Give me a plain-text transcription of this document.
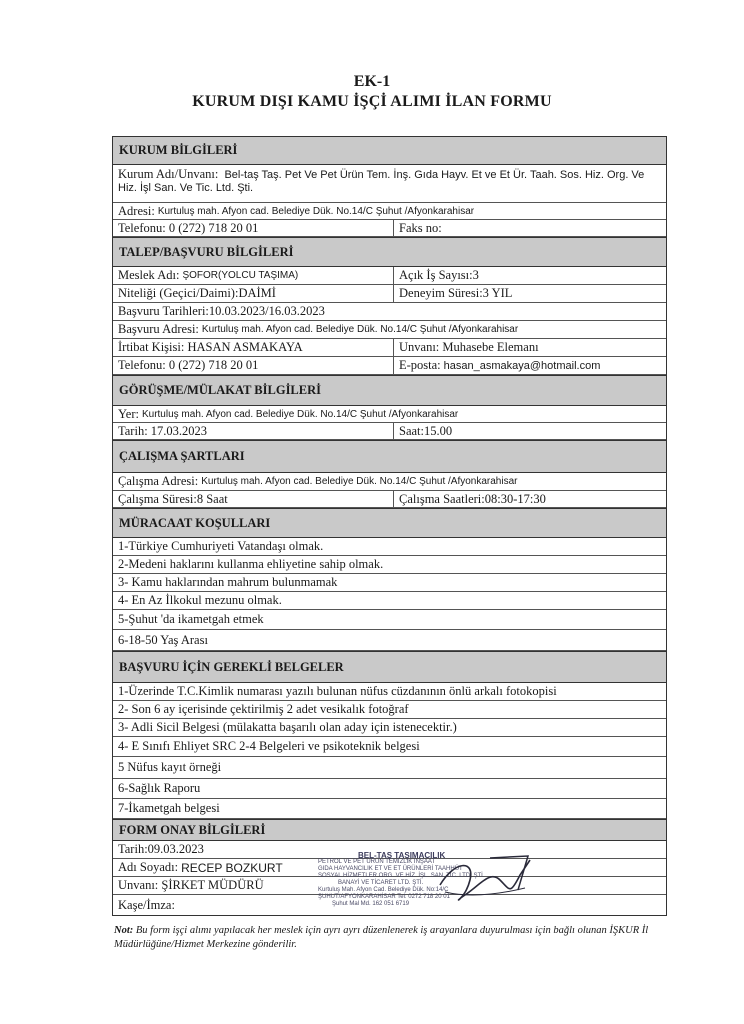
EK-1
KURUM DIŞI KAMU İŞÇİ ALIMI İLAN FORMU
KURUM BİLGİLERİ
Kurum Adı/Unvanı: Bel-taş Taş. Pet Ve Pet Ürün Tem. İnş. Gıda Hayv. Et ve Et Ür. Taah. Sos. Hiz. Org. Ve Hiz. İşl San. Ve Tic. Ltd. Şti.
Adresi: Kurtuluş mah. Afyon cad. Belediye Dük. No.14/C Şuhut /Afyonkarahisar
Telefonu: 0 (272) 718 20 01	Faks no:
TALEP/BAŞVURU BİLGİLERİ
Meslek Adı: ŞOFOR(YOLCU TAŞIMA)	Açık İş Sayısı:3
Niteliği (Geçici/Daimi):DAİMİ	Deneyim Süresi:3 YIL
Başvuru Tarihleri:10.03.2023/16.03.2023
Başvuru Adresi: Kurtuluş mah. Afyon cad. Belediye Dük. No.14/C Şuhut /Afyonkarahisar
İrtibat Kişisi: HASAN ASMAKAYA	Unvanı: Muhasebe Elemanı
Telefonu: 0 (272) 718 20 01	E-posta: hasan_asmakaya@hotmail.com
GÖRÜŞME/MÜLAKAT BİLGİLERİ
Yer: Kurtuluş mah. Afyon cad. Belediye Dük. No.14/C Şuhut /Afyonkarahisar
Tarih: 17.03.2023	Saat:15.00
ÇALIŞMA ŞARTLARI
Çalışma Adresi: Kurtuluş mah. Afyon cad. Belediye Dük. No.14/C Şuhut /Afyonkarahisar
Çalışma Süresi:8 Saat	Çalışma Saatleri:08:30-17:30
MÜRACAAT KOŞULLARI
1-Türkiye Cumhuriyeti Vatandaşı olmak.
2-Medeni haklarını kullanma ehliyetine sahip olmak.
3- Kamu haklarından mahrum bulunmamak
4- En Az İlkokul mezunu olmak.
5-Şuhut 'da ikametgah etmek
6-18-50 Yaş Arası
BAŞVURU İÇİN GEREKLİ BELGELER
1-Üzerinde T.C.Kimlik numarası yazılı bulunan nüfus cüzdanının önlü arkalı fotokopisi
2- Son 6 ay içerisinde çektirilmiş 2 adet vesikalık fotoğraf
3- Adli Sicil Belgesi (mülakatta başarılı olan aday için istenecektir.)
4- E Sınıfı Ehliyet SRC 2-4 Belgeleri ve psikoteknik belgesi
5 Nüfus kayıt örneği
6-Sağlık Raporu
7-İkametgah belgesi
FORM ONAY BİLGİLERİ
Tarih:09.03.2023
Adı Soyadı: RECEP BOZKURT
Unvanı: ŞİRKET MÜDÜRÜ
Kaşe/İmza:
BEL-TAŞ TAŞIMACILIK
PETROL VE PET ÜRÜN TEMİZLİK İNŞAAT
GIDA HAYVANCILIK ET VE ET ÜRÜNLERİ TAAHHÜT
SOSYAL HİZMETLER ORG. VE HİZ. İŞL. SAN. TİC. LTD. ŞTİ.
BANAYİ VE TİCARET LTD. ŞTİ.
Kurtuluş Mah. Afyon Cad. Belediye Dük. No:14/C
ŞUHUT/AFYONKARAHİSAR Tel: 0272 718 20 01
Şuhut Mal Md. 162 051 6719
Not: Bu form işçi alımı yapılacak her meslek için ayrı ayrı düzenlenerek iş arayanlara duyurulması için bağlı olunan İŞKUR İl Müdürlüğüne/Hizmet Merkezine gönderilir.
